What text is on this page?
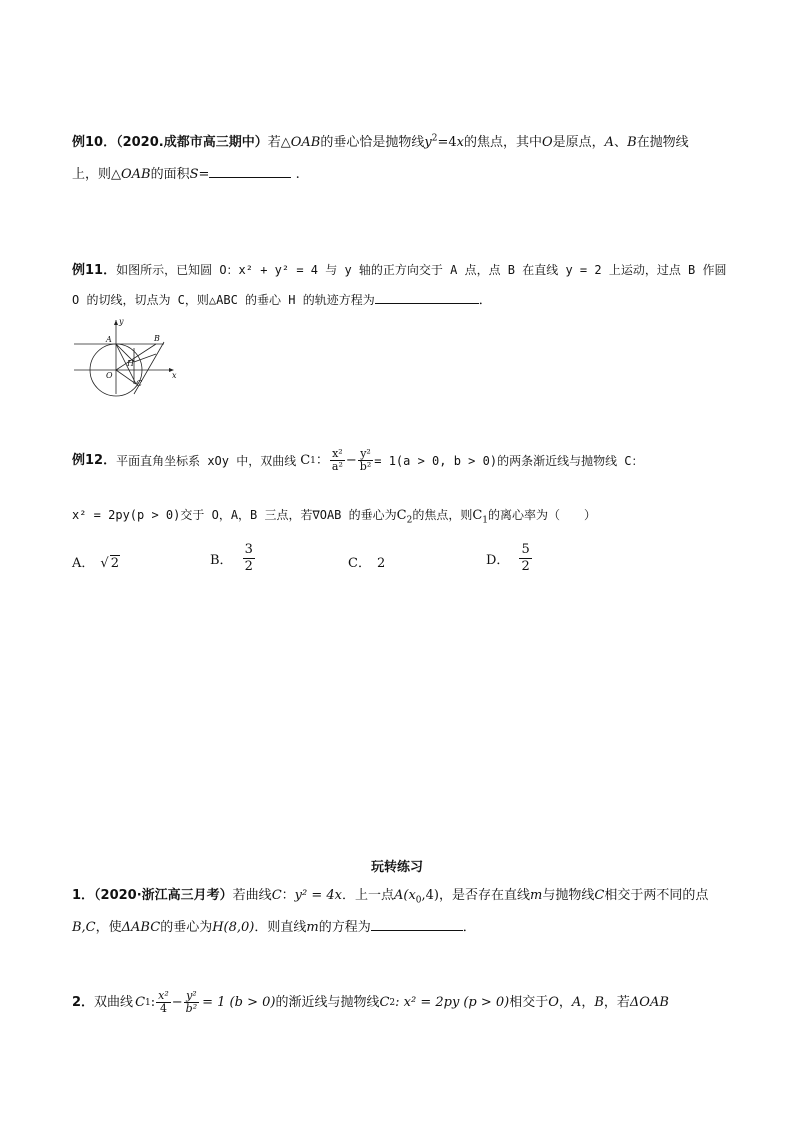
例10．（2020.成都市高三期中）若△OAB的垂心恰是抛物线$y^2=4x$的焦点，其中O是原点，A、B在抛物线
上，则△OAB的面积S=	.
例11．如图所示，已知圆 O：x² + y² = 4 与 y 轴的正方向交于 A 点，点 B 在直线 y = 2 上运动，过点 B 作圆
O 的切线，切点为 C，则△ABC 的垂心 H 的轨迹方程为	．
y
x
A	B
O
H
C
例12． 平面直角坐标系 xOy 中，双曲线 C 1 ： $\frac{\text{x²}}{\text{a²}} - \frac{\text{y²}}{\text{b²}} = 1(a > 0$, b > 0) 的两条渐近线与抛物线 C：
x² = 2py(p > 0)交于 O，A，B 三点，若∇OAB 的垂心为$C_2$的焦点，则$C_1$的离心率为（　　）
A． √ 2	B． $\frac{3}{2}$	C． 2	D． $\frac{5}{2}$
玩转练习
1．（2020·浙江高三月考）若曲线C：y² = 4x．上一点$A(x_0,4)$，是否存在直线m与抛物线C相交于两不同的点
B,C，使ΔABC的垂心为H(8,0)．则直线m的方程为	．
2． 双曲线 C 1 : $\frac{\text{x²}}{4} - \frac{\text{y²}}{\text{b²}} = 1$ (b > 0) 的渐近线与抛物线 C 2 : x² = 2py (p > 0) 相交于 O ， A ， B ，若 ΔOAB
